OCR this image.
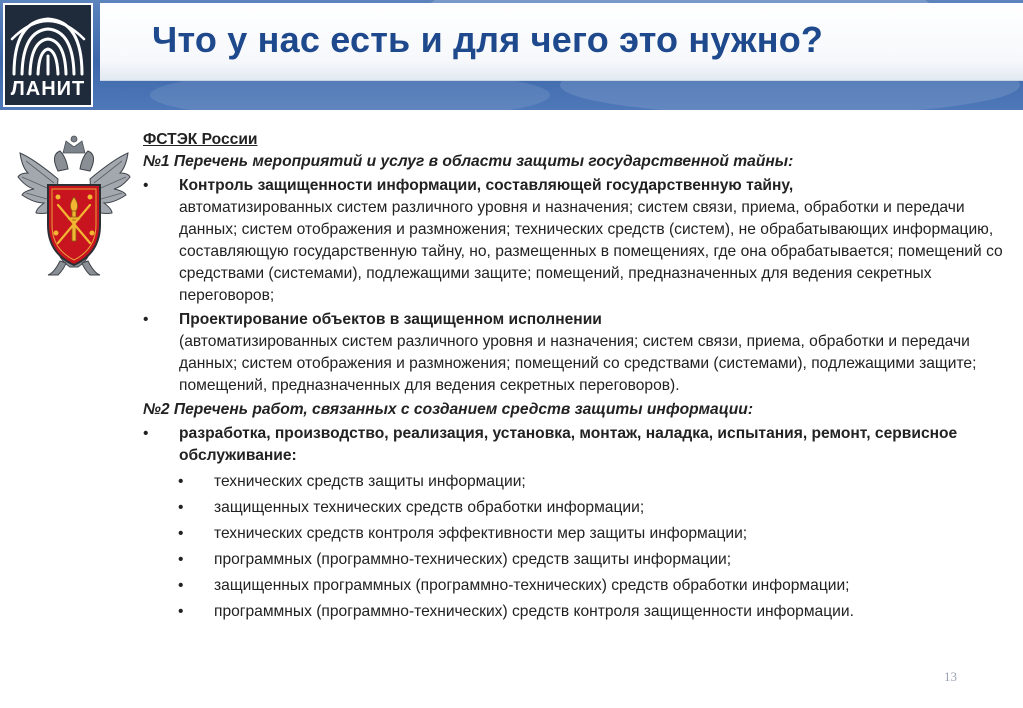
Что у нас есть и для чего это нужно?
ЛАНИТ

ФСТЭК России

№1 Перечень мероприятий и услуг в области защиты государственной тайны:

• Контроль защищенности информации, составляющей государственную тайну,
автоматизированных систем различного уровня и назначения; систем связи, приема, обработки и передачи данных; систем отображения и размножения; технических средств (систем), не обрабатывающих информацию, составляющую государственную тайну, но, размещенных в помещениях, где она обрабатывается; помещений со средствами (системами), подлежащими защите; помещений, предназначенных для ведения секретных переговоров;
• Проектирование объектов в защищенном исполнении
(автоматизированных систем различного уровня и назначения; систем связи, приема, обработки и передачи данных; систем отображения и размножения; помещений со средствами (системами), подлежащими защите; помещений, предназначенных для ведения секретных переговоров).

№2 Перечень работ, связанных с созданием средств защиты информации:

• разработка, производство, реализация, установка, монтаж, наладка, испытания, ремонт, сервисное обслуживание:
• технических средств защиты информации;
• защищенных технических средств обработки информации;
• технических средств контроля эффективности мер защиты информации;
• программных (программно-технических) средств защиты информации;
• защищенных программных (программно-технических) средств обработки информации;
• программных (программно-технических) средств контроля защищенности информации.
13
